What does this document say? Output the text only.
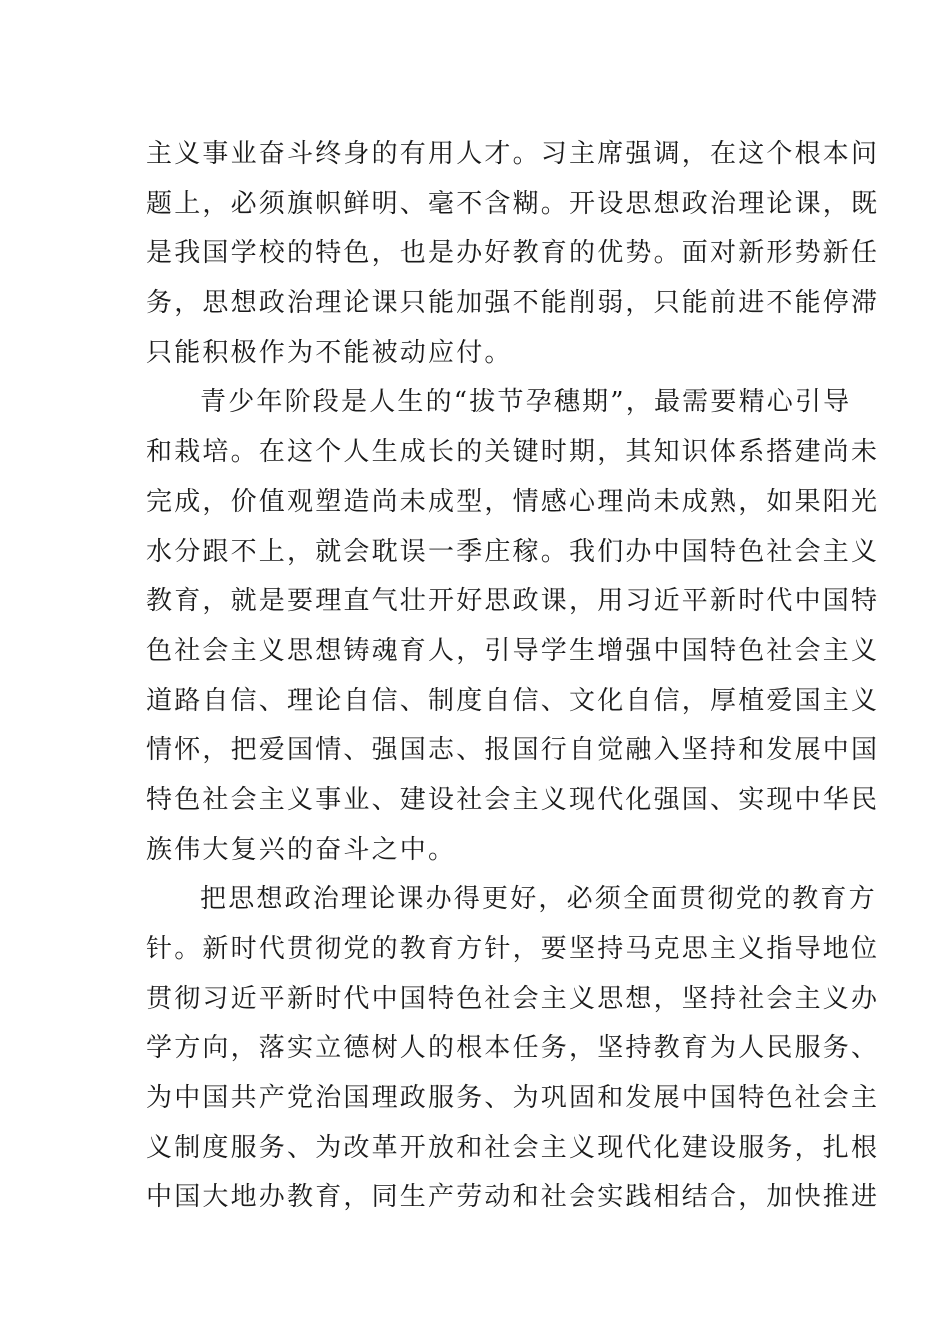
主义事业奋斗终身的有用人才。习主席强调，在这个根本问
题上，必须旗帜鲜明、毫不含糊。开设思想政治理论课，既
是我国学校的特色，也是办好教育的优势。面对新形势新任
务，思想政治理论课只能加强不能削弱，只能前进不能停滞
只能积极作为不能被动应付。
青少年阶段是人生的“拔节孕穗期”，最需要精心引导
和栽培。在这个人生成长的关键时期，其知识体系搭建尚未
完成，价值观塑造尚未成型，情感心理尚未成熟，如果阳光
水分跟不上，就会耽误一季庄稼。我们办中国特色社会主义
教育，就是要理直气壮开好思政课，用习近平新时代中国特
色社会主义思想铸魂育人，引导学生增强中国特色社会主义
道路自信、理论自信、制度自信、文化自信，厚植爱国主义
情怀，把爱国情、强国志、报国行自觉融入坚持和发展中国
特色社会主义事业、建设社会主义现代化强国、实现中华民
族伟大复兴的奋斗之中。
把思想政治理论课办得更好，必须全面贯彻党的教育方
针。新时代贯彻党的教育方针，要坚持马克思主义指导地位
贯彻习近平新时代中国特色社会主义思想，坚持社会主义办
学方向，落实立德树人的根本任务，坚持教育为人民服务、
为中国共产党治国理政服务、为巩固和发展中国特色社会主
义制度服务、为改革开放和社会主义现代化建设服务，扎根
中国大地办教育，同生产劳动和社会实践相结合，加快推进
